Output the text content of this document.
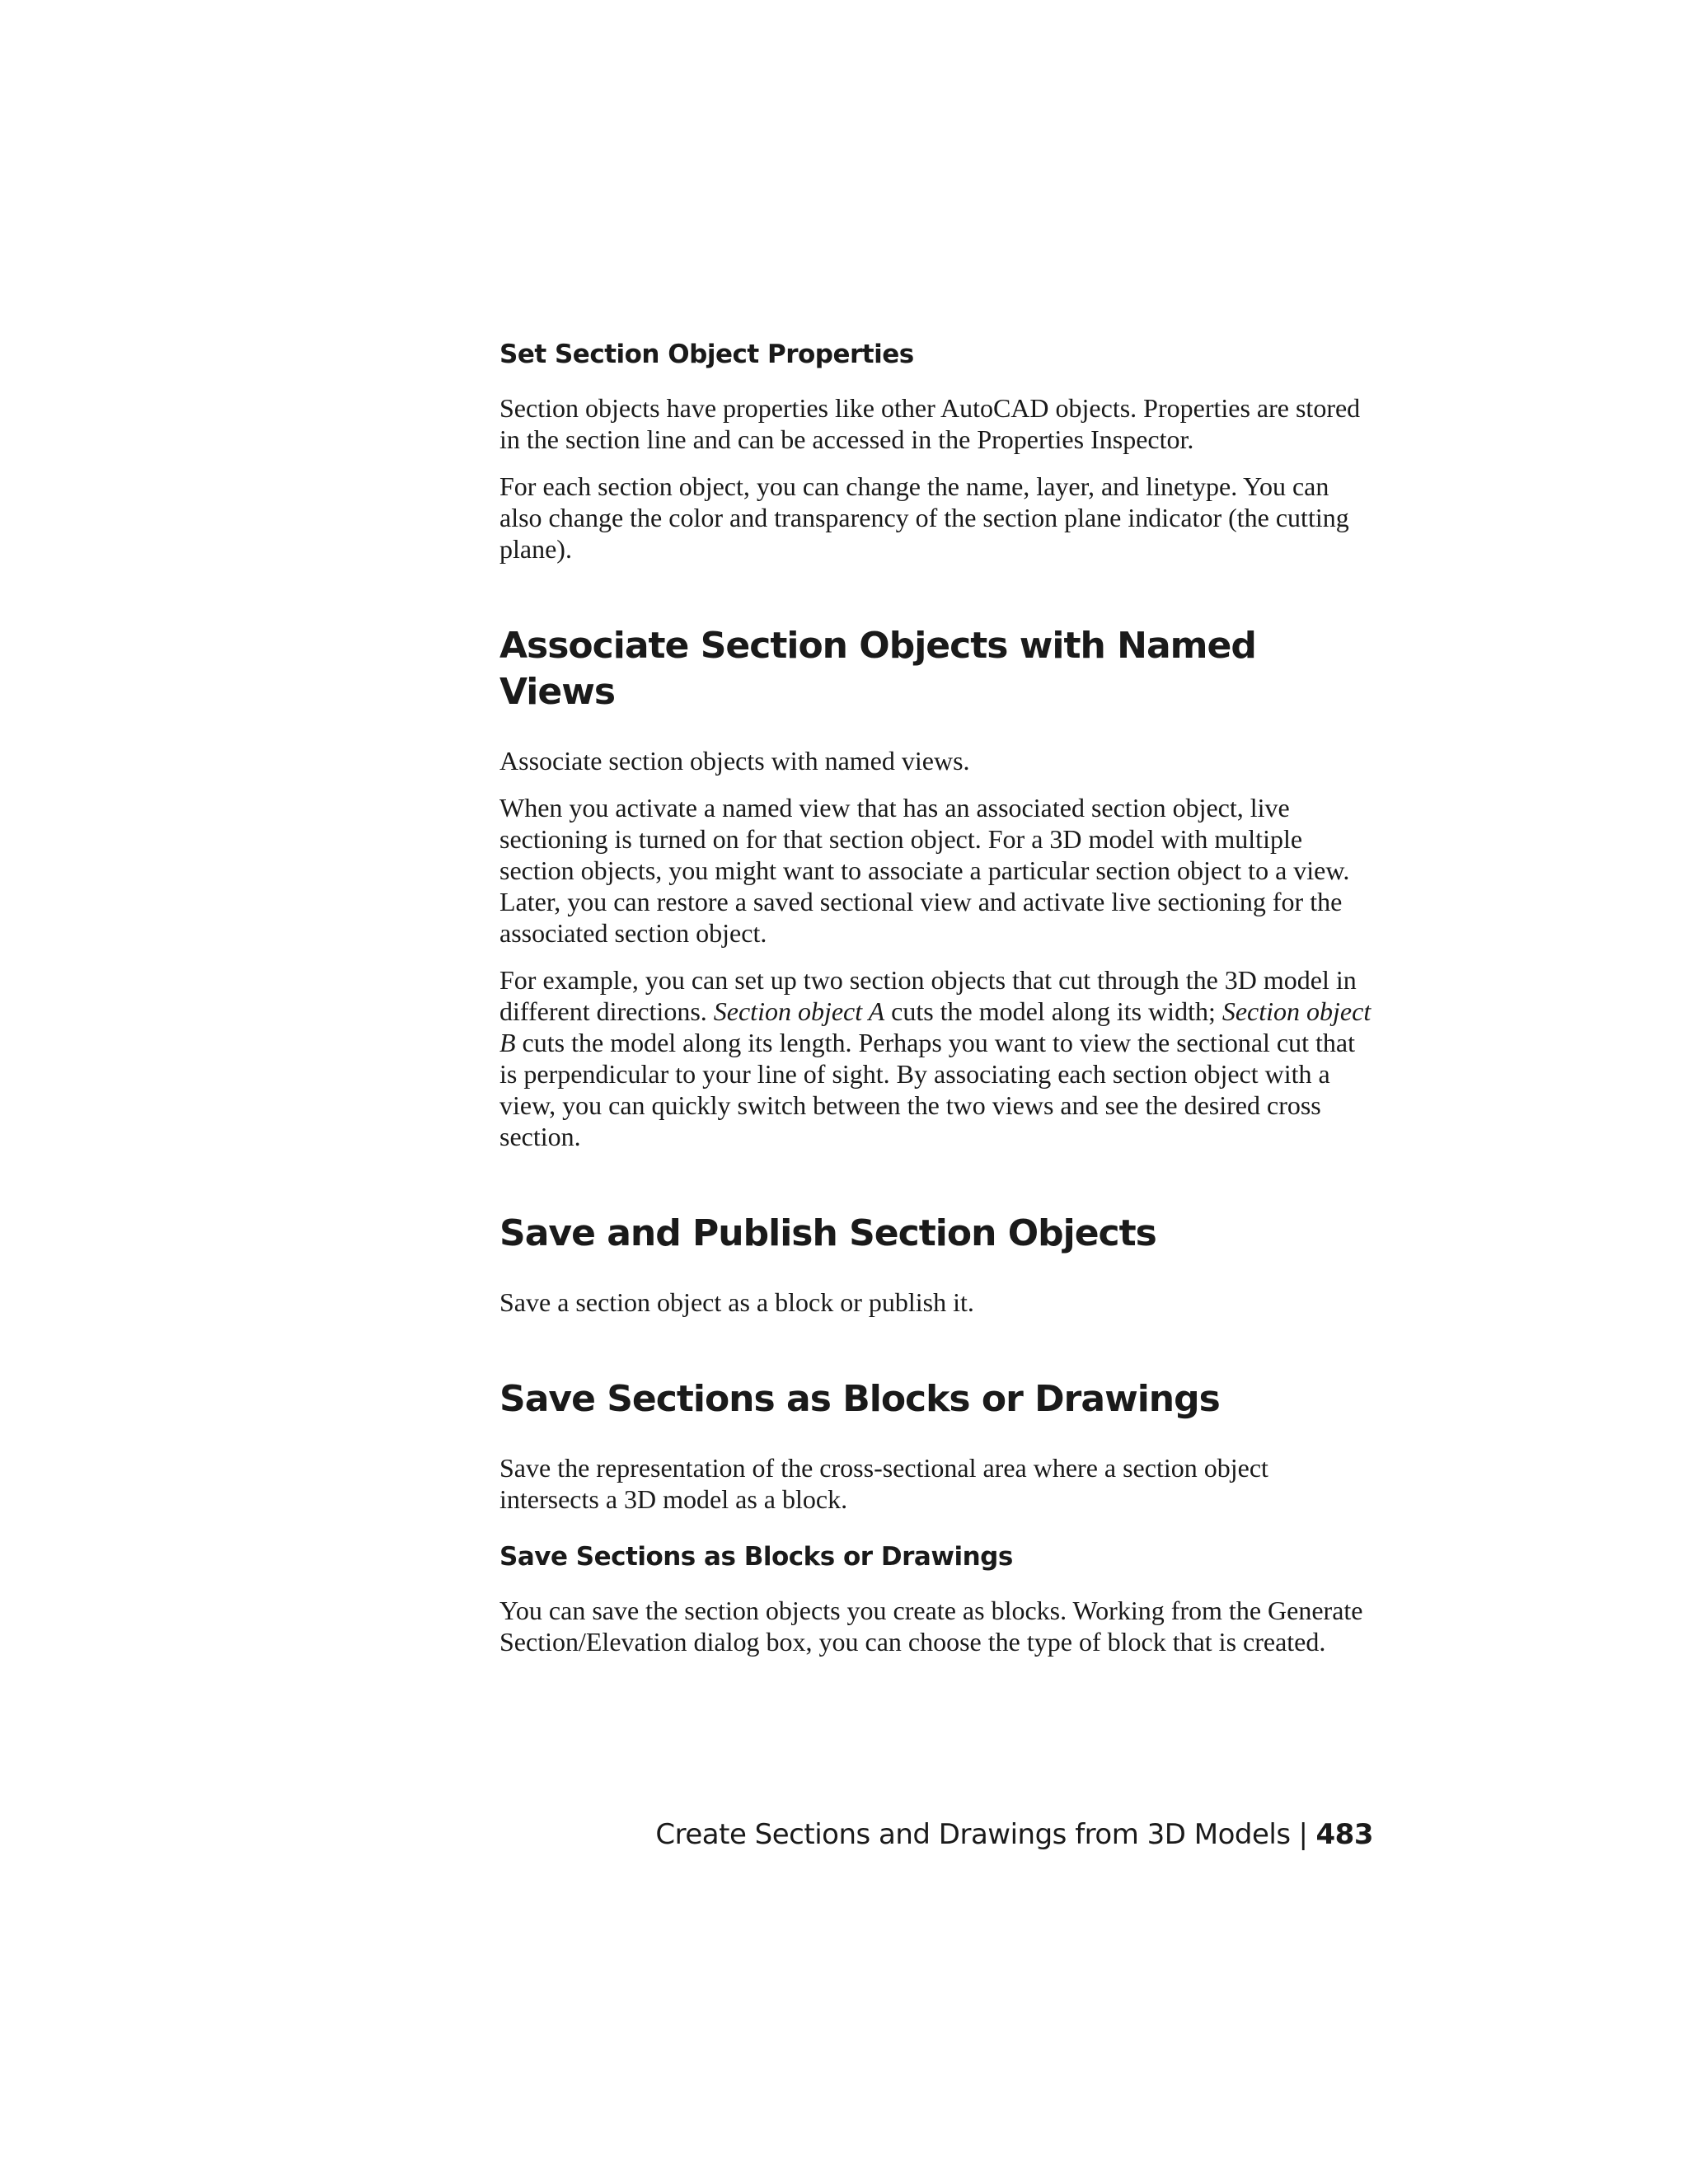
Set Section Object Properties

Section objects have properties like other AutoCAD objects. Properties are stored in the section line and can be accessed in the Properties Inspector.

For each section object, you can change the name, layer, and linetype. You can also change the color and transparency of the section plane indicator (the cutting plane).

Associate Section Objects with Named Views

Associate section objects with named views.

When you activate a named view that has an associated section object, live sectioning is turned on for that section object. For a 3D model with multiple section objects, you might want to associate a particular section object to a view. Later, you can restore a saved sectional view and activate live sectioning for the associated section object.

For example, you can set up two section objects that cut through the 3D model in different directions. Section object A cuts the model along its width; Section object B cuts the model along its length. Perhaps you want to view the sectional cut that is perpendicular to your line of sight. By associating each section object with a view, you can quickly switch between the two views and see the desired cross section.

Save and Publish Section Objects

Save a section object as a block or publish it.

Save Sections as Blocks or Drawings

Save the representation of the cross-sectional area where a section object intersects a 3D model as a block.

Save Sections as Blocks or Drawings

You can save the section objects you create as blocks. Working from the Generate Section/Elevation dialog box, you can choose the type of block that is created.

Create Sections and Drawings from 3D Models | 483
